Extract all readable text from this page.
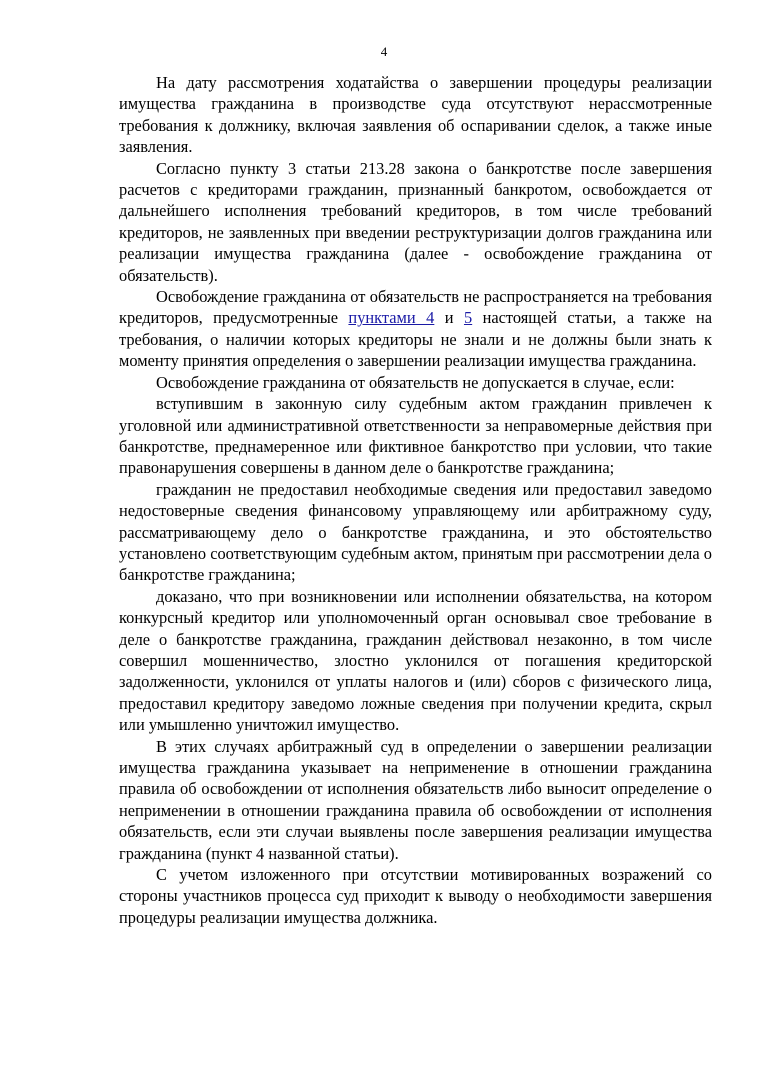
4

На дату рассмотрения ходатайства о завершении процедуры реализации имущества гражданина в производстве суда отсутствуют нерассмотренные требования к должнику, включая заявления об оспаривании сделок, а также иные заявления.

Согласно пункту 3 статьи 213.28 закона о банкротстве после завершения расчетов с кредиторами гражданин, признанный банкротом, освобождается от дальнейшего исполнения требований кредиторов, в том числе требований кредиторов, не заявленных при введении реструктуризации долгов гражданина или реализации имущества гражданина (далее - освобождение гражданина от обязательств).

Освобождение гражданина от обязательств не распространяется на требования кредиторов, предусмотренные пунктами 4 и 5 настоящей статьи, а также на требования, о наличии которых кредиторы не знали и не должны были знать к моменту принятия определения о завершении реализации имущества гражданина.

Освобождение гражданина от обязательств не допускается в случае, если:

вступившим в законную силу судебным актом гражданин привлечен к уголовной или административной ответственности за неправомерные действия при банкротстве, преднамеренное или фиктивное банкротство при условии, что такие правонарушения совершены в данном деле о банкротстве гражданина;

гражданин не предоставил необходимые сведения или предоставил заведомо недостоверные сведения финансовому управляющему или арбитражному суду, рассматривающему дело о банкротстве гражданина, и это обстоятельство установлено соответствующим судебным актом, принятым при рассмотрении дела о банкротстве гражданина;

доказано, что при возникновении или исполнении обязательства, на котором конкурсный кредитор или уполномоченный орган основывал свое требование в деле о банкротстве гражданина, гражданин действовал незаконно, в том числе совершил мошенничество, злостно уклонился от погашения кредиторской задолженности, уклонился от уплаты налогов и (или) сборов с физического лица, предоставил кредитору заведомо ложные сведения при получении кредита, скрыл или умышленно уничтожил имущество.

В этих случаях арбитражный суд в определении о завершении реализации имущества гражданина указывает на неприменение в отношении гражданина правила об освобождении от исполнения обязательств либо выносит определение о неприменении в отношении гражданина правила об освобождении от исполнения обязательств, если эти случаи выявлены после завершения реализации имущества гражданина (пункт 4 названной статьи).

С учетом изложенного при отсутствии мотивированных возражений со стороны участников процесса суд приходит к выводу о необходимости завершения процедуры реализации имущества должника.
